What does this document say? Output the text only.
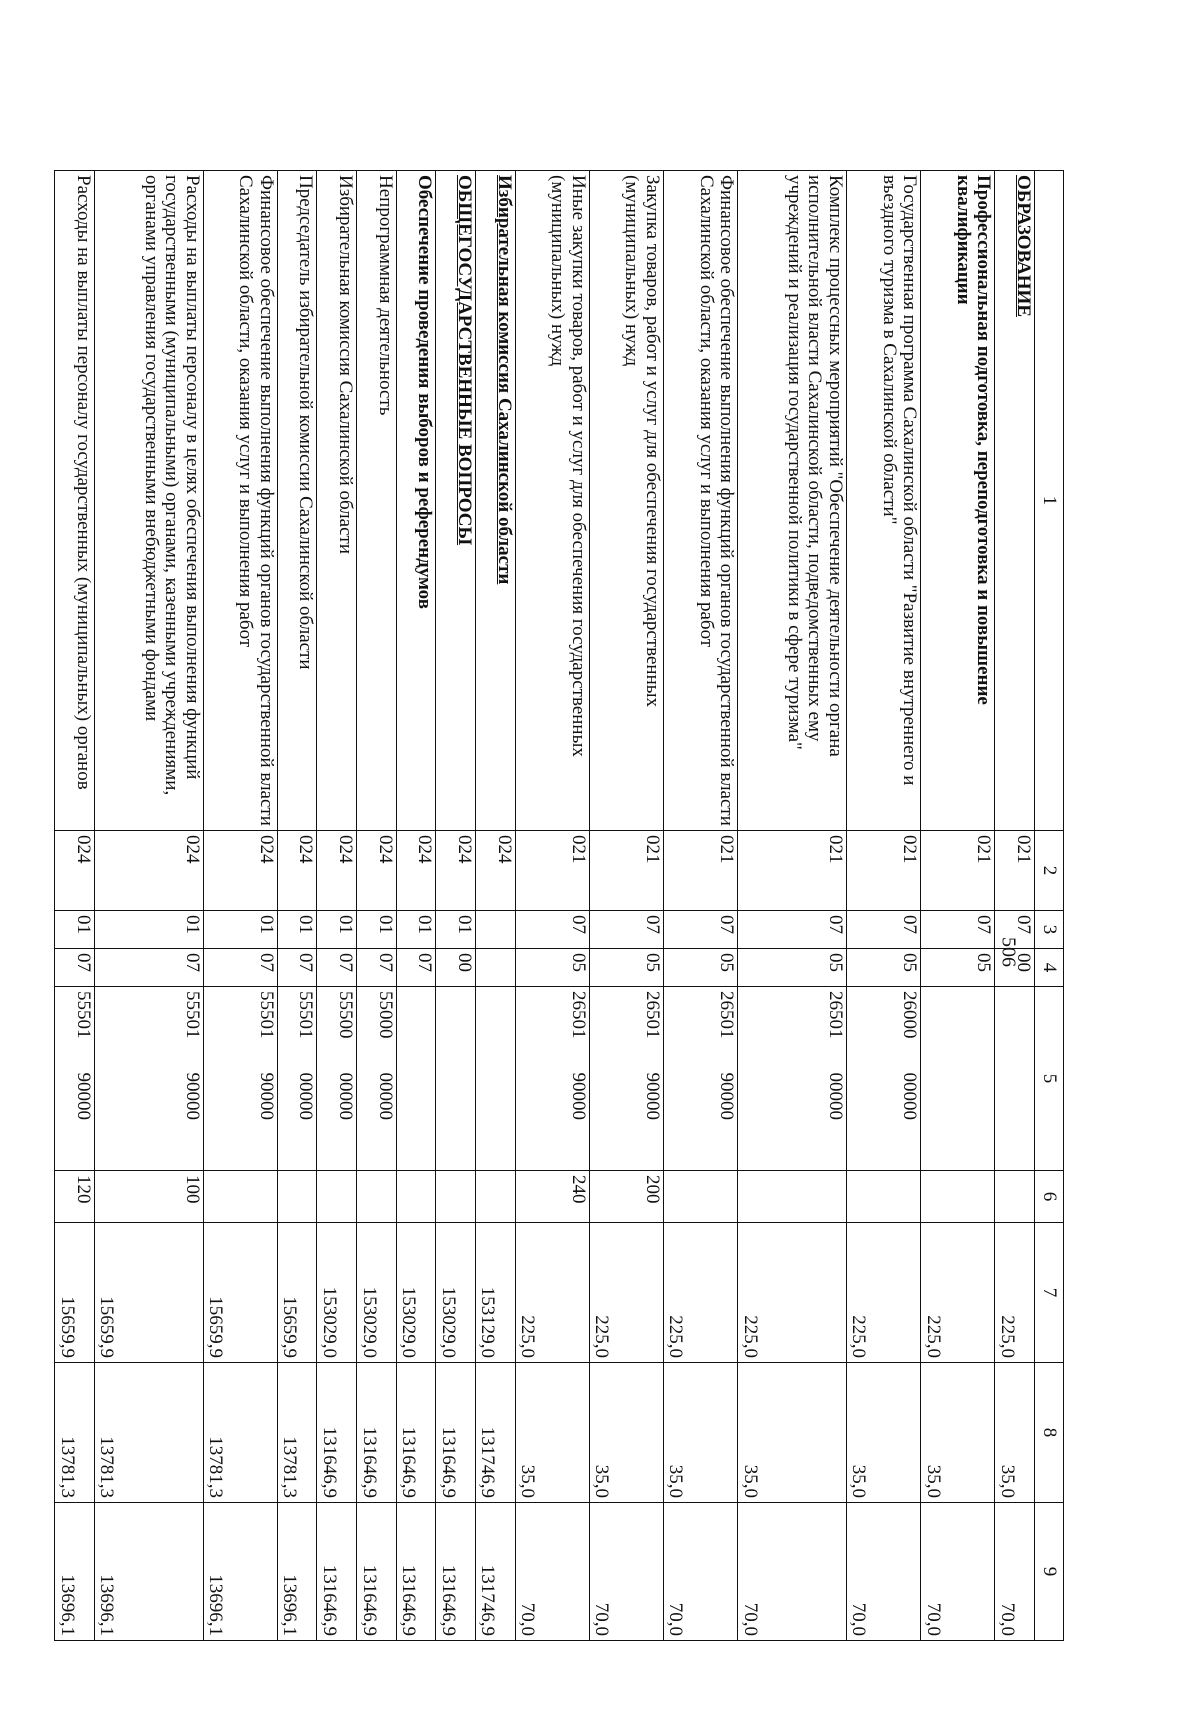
506
1	2	3	4	5	6	7	8	9
ОБРАЗОВАНИЕ	021	07	00			225,0	35,0	70,0
Профессиональная подготовка, переподготовка и повышение квалификации	021	07	05			225,0	35,0	70,0
Государственная программа Сахалинской области "Развитие внутреннего и въездного туризма в Сахалинской области"	021	07	05	2600000000		225,0	35,0	70,0
Комплекс процессных мероприятий "Обеспечение деятельности органа исполнительной власти Сахалинской области, подведомственных ему учреждений и реализация государственной политики в сфере туризма"	021	07	05	2650100000		225,0	35,0	70,0
Финансовое обеспечение выполнения функций органов государственной власти Сахалинской области, оказания услуг и выполнения работ	021	07	05	2650190000		225,0	35,0	70,0
Закупка товаров, работ и услуг для обеспечения государственных (муниципальных) нужд	021	07	05	2650190000	200	225,0	35,0	70,0
Иные закупки товаров, работ и услуг для обеспечения государственных (муниципальных) нужд	021	07	05	2650190000	240	225,0	35,0	70,0
Избирательная комиссия Сахалинской области	024					153129,0	131746,9	131746,9
ОБЩЕГОСУДАРСТВЕННЫЕ ВОПРОСЫ	024	01	00			153029,0	131646,9	131646,9
Обеспечение проведения выборов и референдумов	024	01	07			153029,0	131646,9	131646,9
Непрограммная деятельность	024	01	07	5500000000		153029,0	131646,9	131646,9
Избирательная комиссия Сахалинской области	024	01	07	5550000000		153029,0	131646,9	131646,9
Председатель избирательной комиссии Сахалинской области	024	01	07	5550100000		15659,9	13781,3	13696,1
Финансовое обеспечение выполнения функций органов государственной власти Сахалинской области, оказания услуг и выполнения работ	024	01	07	5550190000		15659,9	13781,3	13696,1
Расходы на выплаты персоналу в целях обеспечения выполнения функций государственными (муниципальными) органами, казенными учреждениями, органами управления государственными внебюджетными фондами	024	01	07	5550190000	100	15659,9	13781,3	13696,1
Расходы на выплаты персоналу государственных (муниципальных) органов	024	01	07	5550190000	120	15659,9	13781,3	13696,1
